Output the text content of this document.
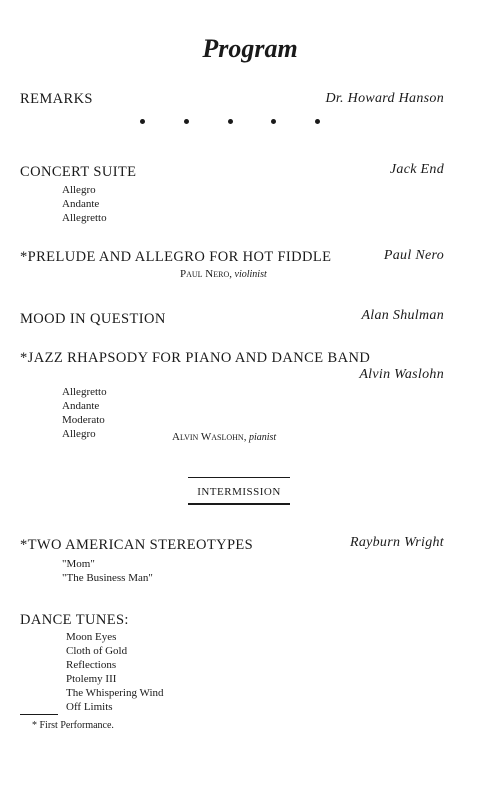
Program
REMARKS	Dr. Howard Hanson
CONCERT SUITE	Jack End
Allegro
Andante
Allegretto
*PRELUDE AND ALLEGRO FOR HOT FIDDLE	Paul Nero
Paul Nero, violinist
MOOD IN QUESTION	Alan Shulman
*JAZZ RHAPSODY FOR PIANO AND DANCE BAND
Alvin Waslohn
Allegretto
Andante
Moderato
Allegro	Alvin Waslohn, pianist
INTERMISSION
*TWO AMERICAN STEREOTYPES	Rayburn Wright
"Mom"
"The Business Man"
DANCE TUNES:
Moon Eyes
Cloth of Gold
Reflections
Ptolemy III
The Whispering Wind
Off Limits
* First Performance.
